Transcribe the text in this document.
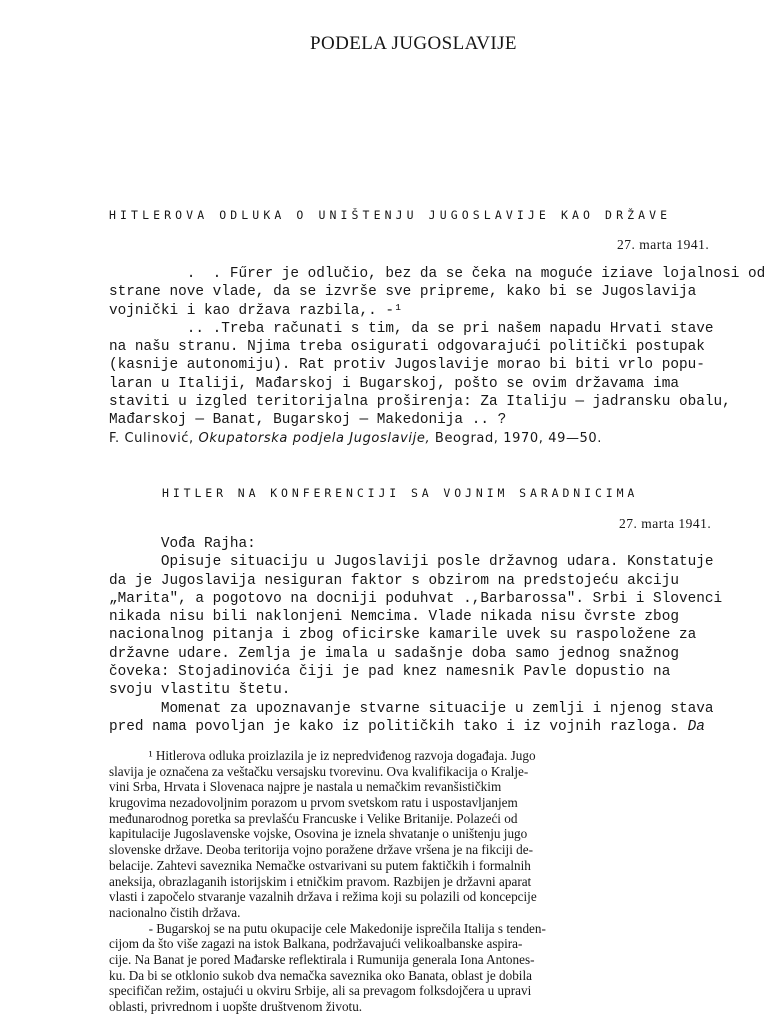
PODELA JUGOSLAVIJE
HITLEROVA ODLUKA O UNIŠTENJU JUGOSLAVIJE KAO DRŽAVE
27. marta 1941.
.  . Fűrer je odlučio, bez da se čeka na moguće iziave lojalnosi od
strane nove vlade, da se izvrše sve pripreme, kako bi se Jugoslavija
vojnički i kao država razbila,. -¹
.. .Treba računati s tim, da se pri našem napadu Hrvati stave
na našu stranu. Njima treba osigurati odgovarajući politički postupak
(kasnije autonomiju). Rat protiv Jugoslavije morao bi biti vrlo popu-
laran u Italiji, Mađarskoj i Bugarskoj, pošto se ovim državama ima
staviti u izgled teritorijalna proširenja: Za Italiju — jadransku obalu,
Mađarskoj — Banat, Bugarskoj — Makedonija .. ?
F. Culinović, Okupatorska podjela Jugoslavije, Beograd, 1970, 49—50.
HITLER NA KONFERENCIJI SA VOJNIM SARADNICIMA
27. marta 1941.
Vođa Rajha:
Opisuje situaciju u Jugoslaviji posle državnog udara. Konstatuje
da je Jugoslavija nesiguran faktor s obzirom na predstojeću akciju
„Marita", a pogotovo na docniji poduhvat .,Barbarossa". Srbi i Slovenci
nikada nisu bili naklonjeni Nemcima. Vlade nikada nisu čvrste zbog
nacionalnog pitanja i zbog oficirske kamarile uvek su raspoložene za
državne udare. Zemlja je imala u sadašnje doba samo jednog snažnog
čoveka: Stojadinovića čiji je pad knez namesnik Pavle dopustio na
svoju vlastitu štetu.
Momenat za upoznavanje stvarne situacije u zemlji i njenog stava
pred nama povoljan je kako iz političkih tako i iz vojnih razloga. Da
¹ Hitlerova odluka proizlazila je iz nepredviđenog razvoja događaja. Jugo
slavija je označena za veštačku versajsku tvorevinu. Ova kvalifikacija o Kralje-
vini Srba, Hrvata i Slovenaca najpre je nastala u nemačkim revanšističkim
krugovima nezadovoljnim porazom u prvom svetskom ratu i uspostavljanjem
međunarodnog poretka sa prevlašću Francuske i Velike Britanije. Polazeći od
kapitulacije Jugoslavenske vojske, Osovina je iznela shvatanje o uništenju jugo
slovenske države. Deoba teritorija vojno poražene države vršena je na fikciji de-
belacije. Zahtevi saveznika Nemačke ostvarivani su putem faktičkih i formalnih
aneksija, obrazlaganih istorijskim i etničkim pravom. Razbijen je državni aparat
vlasti i započelo stvaranje vazalnih država i režima koji su polazili od koncepcije
nacionalno čistih država.
- Bugarskoj se na putu okupacije cele Makedonije isprečila Italija s tenden-
cijom da što više zagazi na istok Balkana, podržavajući velikoalbanske aspira-
cije. Na Banat je pored Mađarske reflektirala i Rumunija generala Iona Antones-
ku. Da bi se otklonio sukob dva nemačka saveznika oko Banata, oblast je dobila
specifičan režim, ostajući u okviru Srbije, ali sa prevagom folksdojčera u upravi
oblasti, privrednom i uopšte društvenom životu.
